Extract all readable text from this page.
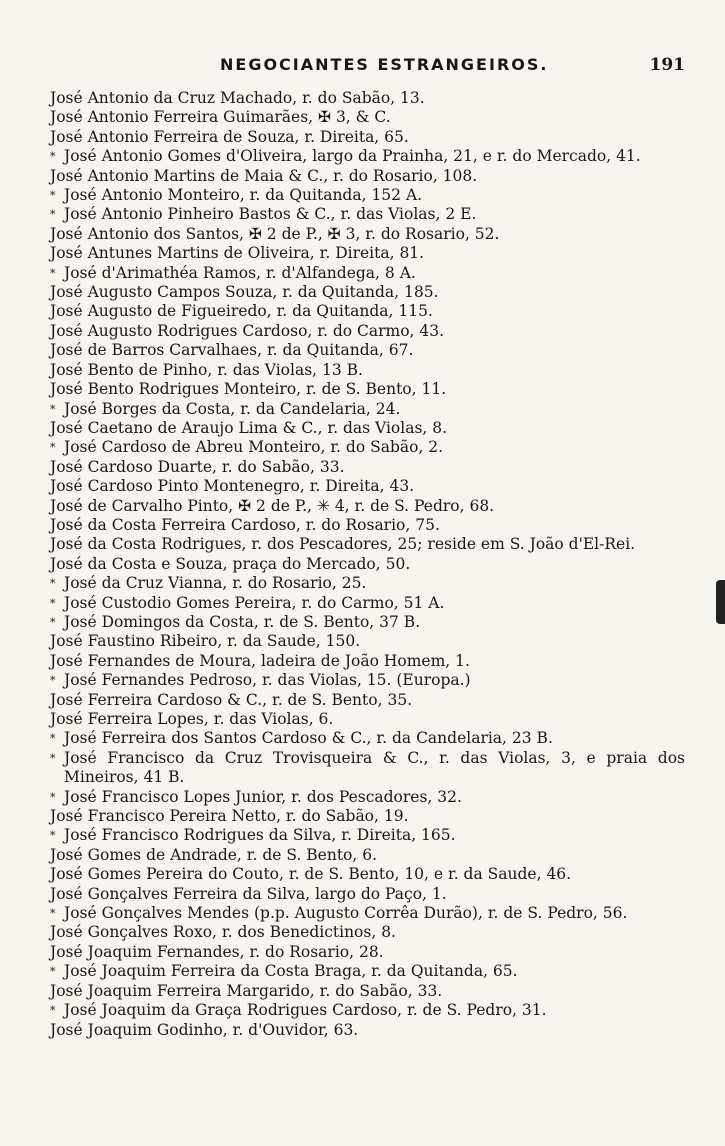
NEGOCIANTES ESTRANGEIROS.	191
José Antonio da Cruz Machado, r. do Sabão, 13.
José Antonio Ferreira Guimarães, ✠ 3, & C.
José Antonio Ferreira de Souza, r. Direita, 65.
* José Antonio Gomes d'Oliveira, largo da Prainha, 21, e r. do Mercado, 41.
José Antonio Martins de Maia & C., r. do Rosario, 108.
* José Antonio Monteiro, r. da Quitanda, 152 A.
* José Antonio Pinheiro Bastos & C., r. das Violas, 2 E.
José Antonio dos Santos, ✠ 2 de P., ✠ 3, r. do Rosario, 52.
José Antunes Martins de Oliveira, r. Direita, 81.
* José d'Arimathéa Ramos, r. d'Alfandega, 8 A.
José Augusto Campos Souza, r. da Quitanda, 185.
José Augusto de Figueiredo, r. da Quitanda, 115.
José Augusto Rodrigues Cardoso, r. do Carmo, 43.
José de Barros Carvalhaes, r. da Quitanda, 67.
José Bento de Pinho, r. das Violas, 13 B.
José Bento Rodrigues Monteiro, r. de S. Bento, 11.
* José Borges da Costa, r. da Candelaria, 24.
José Caetano de Araujo Lima & C., r. das Violas, 8.
* José Cardoso de Abreu Monteiro, r. do Sabão, 2.
José Cardoso Duarte, r. do Sabão, 33.
José Cardoso Pinto Montenegro, r. Direita, 43.
José de Carvalho Pinto, ✠ 2 de P., ✳ 4, r. de S. Pedro, 68.
José da Costa Ferreira Cardoso, r. do Rosario, 75.
José da Costa Rodrigues, r. dos Pescadores, 25; reside em S. João d'El-Rei.
José da Costa e Souza, praça do Mercado, 50.
* José da Cruz Vianna, r. do Rosario, 25.
* José Custodio Gomes Pereira, r. do Carmo, 51 A.
* José Domingos da Costa, r. de S. Bento, 37 B.
José Faustino Ribeiro, r. da Saude, 150.
José Fernandes de Moura, ladeira de João Homem, 1.
* José Fernandes Pedroso, r. das Violas, 15. (Europa.)
José Ferreira Cardoso & C., r. de S. Bento, 35.
José Ferreira Lopes, r. das Violas, 6.
* José Ferreira dos Santos Cardoso & C., r. da Candelaria, 23 B.
* José Francisco da Cruz Trovisqueira & C., r. das Violas, 3, e praia dos Mineiros, 41 B.
* José Francisco Lopes Junior, r. dos Pescadores, 32.
José Francisco Pereira Netto, r. do Sabão, 19.
* José Francisco Rodrigues da Silva, r. Direita, 165.
José Gomes de Andrade, r. de S. Bento, 6.
José Gomes Pereira do Couto, r. de S. Bento, 10, e r. da Saude, 46.
José Gonçalves Ferreira da Silva, largo do Paço, 1.
* José Gonçalves Mendes (p.p. Augusto Corrêa Durão), r. de S. Pedro, 56.
José Gonçalves Roxo, r. dos Benedictinos, 8.
José Joaquim Fernandes, r. do Rosario, 28.
* José Joaquim Ferreira da Costa Braga, r. da Quitanda, 65.
José Joaquim Ferreira Margarido, r. do Sabão, 33.
* José Joaquim da Graça Rodrigues Cardoso, r. de S. Pedro, 31.
José Joaquim Godinho, r. d'Ouvidor, 63.
